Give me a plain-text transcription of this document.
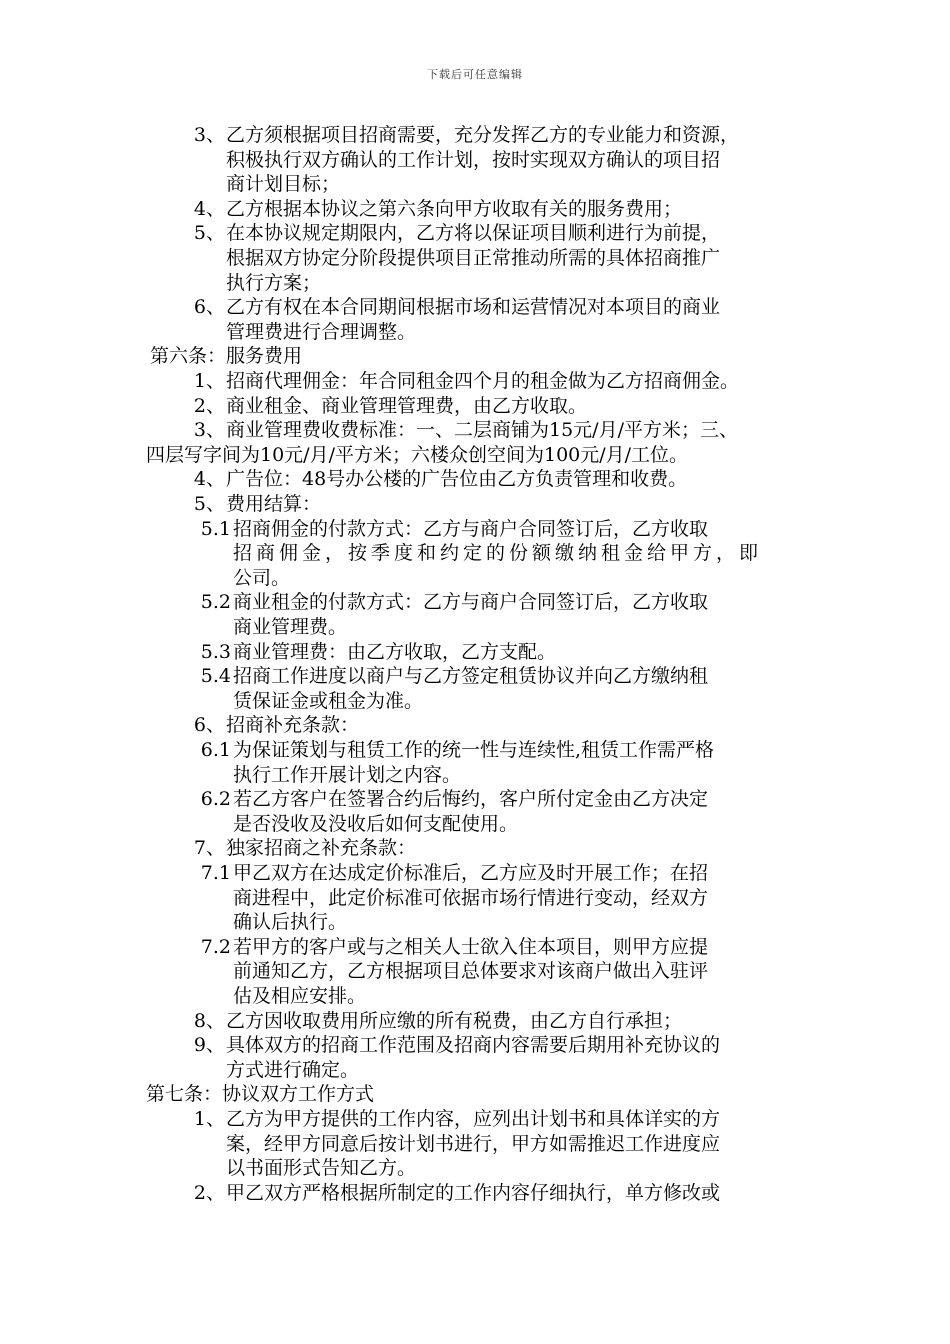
下载后可任意编辑
3、 乙方须根据项目招商需要，充分发挥乙方的专业能力和资源，
积极执行双方确认的工作计划，按时实现双方确认的项目招
商计划目标；
4、 乙方根据本协议之第六条向甲方收取有关的服务费用；
5、 在本协议规定期限内，乙方将以保证项目顺利进行为前提，
根据双方协定分阶段提供项目正常推动所需的具体招商推广
执行方案；
6、 乙方有权在本合同期间根据市场和运营情况对本项目的商业
管理费进行合理调整。
第六条：服务费用
1、 招商代理佣金：年合同租金四个月的租金做为乙方招商佣金。
2、 商业租金、商业管理管理费，由乙方收取。
3、 商业管理费收费标准：一、二层商铺为15元/月/平方米；三、
四层写字间为10元/月/平方米；六楼众创空间为100元/月/工位。
4、 广告位：48号办公楼的广告位由乙方负责管理和收费。
5、 费用结算：
5.1 招商佣金的付款方式：乙方与商户合同签订后，乙方收取
招商佣金，按季度和约定的份额缴纳租金给甲方，即
公司。
5.2 商业租金的付款方式：乙方与商户合同签订后，乙方收取
商业管理费。
5.3 商业管理费：由乙方收取，乙方支配。
5.4 招商工作进度以商户与乙方签定租赁协议并向乙方缴纳租
赁保证金或租金为准。
6、 招商补充条款：
6.1 为保证策划与租赁工作的统一性与连续性,租赁工作需严格
执行工作开展计划之内容。
6.2 若乙方客户在签署合约后悔约，客户所付定金由乙方决定
是否没收及没收后如何支配使用。
7、 独家招商之补充条款：
7.1 甲乙双方在达成定价标准后，乙方应及时开展工作；在招
商进程中，此定价标准可依据市场行情进行变动，经双方
确认后执行。
7.2 若甲方的客户或与之相关人士欲入住本项目，则甲方应提
前通知乙方，乙方根据项目总体要求对该商户做出入驻评
估及相应安排。
8、 乙方因收取费用所应缴的所有税费，由乙方自行承担；
9、 具体双方的招商工作范围及招商内容需要后期用补充协议的
方式进行确定。
第七条：协议双方工作方式
1、 乙方为甲方提供的工作内容，应列出计划书和具体详实的方
案，经甲方同意后按计划书进行，甲方如需推迟工作进度应
以书面形式告知乙方。
2、 甲乙双方严格根据所制定的工作内容仔细执行，单方修改或
